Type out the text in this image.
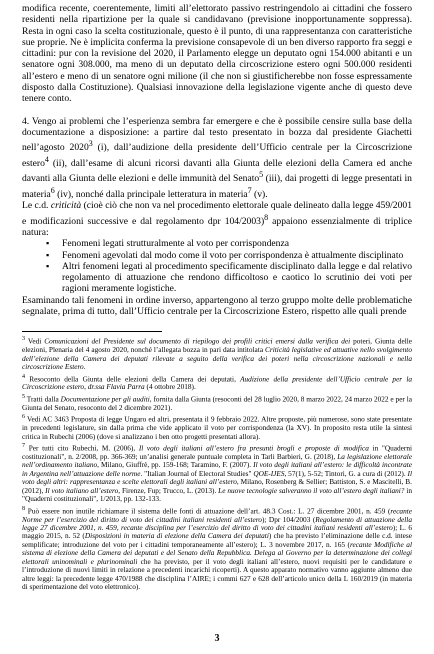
modifica recente, coerentemente, limiti all’elettorato passivo restringendolo ai cittadini che fossero residenti nella ripartizione per la quale si candidavano (previsione inopportunamente soppressa). Resta in ogni caso la scelta costituzionale, questo è il punto, di una rappresentanza con caratteristiche sue proprie. Ne è implicita conferma la previsione consapevole di un ben diverso rapporto fra seggi e cittadini: pur con la revisione del 2020, il Parlamento elegge un deputato ogni 154.000 abitanti e un senatore ogni 308.000, ma meno di un deputato della circoscrizione estero ogni 500.000 residenti all’estero e meno di un senatore ogni milione (il che non si giustificherebbe non fosse espressamente disposto dalla Costituzione). Qualsiasi innovazione della legislazione vigente anche di questo deve tenere conto.

4. Vengo ai problemi che l’esperienza sembra far emergere e che è possibile censire sulla base della documentazione a disposizione: a partire dal testo presentato in bozza dal presidente Giachetti nell’agosto 2020$^3$ (i), dall’audizione della presidente dell’Ufficio centrale per la Circoscrizione estero$^4$ (ii), dall’esame di alcuni ricorsi davanti alla Giunta delle elezioni della Camera ed anche davanti alla Giunta delle elezioni e delle immunità del Senato$^5$ (iii), dai progetti di legge presentati in materia$^6$ (iv), nonché dalla principale letteratura in materia$^7$ (v).

Le c.d. criticità (cioè ciò che non va nel procedimento elettorale quale delineato dalla legge 459/2001 e modificazioni successive e dal regolamento dpr 104/2003)$^8$ appaiono essenzialmente di triplice natura:

▪ Fenomeni legati strutturalmente al voto per corrispondenza
▪ Fenomeni agevolati dal modo come il voto per corrispondenza è attualmente disciplinato
▪ Altri fenomeni legati al procedimento specificamente disciplinato dalla legge e dal relativo regolamento di attuazione che rendono difficoltoso e caotico lo scrutinio dei voti per ragioni meramente logistiche.

Esaminando tali fenomeni in ordine inverso, appartengono al terzo gruppo molte delle problematiche segnalate, prima di tutto, dall’Ufficio centrale per la Circoscrizione Estero, rispetto alle quali prende

$^3$ Vedi Comunicazioni del Presidente sul documento di riepilogo dei profili critici emersi dalla verifica dei poteri, Giunta delle elezioni, Plenaria del 4 agosto 2020, nonché l’allegata bozza in pari data intitolata Criticità legislative ed attuative nello svolgimento dell’elezione della Camera dei deputati rilevate a seguito della verifica dei poteri nella circoscrizione nazionali e nella circoscrizione Estero.

$^4$ Resoconto della Giunta delle elezioni della Camera dei deputati, Audizione della presidente dell’Ufficio centrale per la Circoscrizione estero, dr.ssa Flavia Parra (4 ottobre 2018).

$^5$ Tratti dalla Documentazione per gli auditi, fornita dalla Giunta (resoconti del 28 luglio 2020, 8 marzo 2022, 24 marzo 2022 e per la Giunta del Senato, resoconto del 2 dicembre 2021).

$^6$ Vedi AC 3463 Proposta di legge Ungaro ed altri, presentata il 9 febbraio 2022. Altre proposte, più numerose, sono state presentate in precedenti legislature, sin dalla prima che vide applicato il voto per corrispondenza (la XV). In proposito resta utile la sintesi critica in Rubechi (2006) (dove si analizzano i ben otto progetti presentati allora).

$^7$ Per tutti cito Rubechi, M. (2006), Il voto degli italiani all’estero fra presunti brogli e proposte di modifica in "Quaderni costituzionali", n. 2/2008, pp. 366-369; un’analisi generale puntuale completa in Tarli Barbieri, G. (2018), La legislazione elettorale nell’ordinamento italiano, Milano, Giuffrè, pp. 159-168; Taramino, F. (2007). Il voto degli italiani all’estero: le difficoltà incontrate in Argentina nell’attuazione delle norme. "Italian Journal of Electoral Studies" QOE-IJES, 57(1), 5-52; Tintori, G. a cura di (2012). Il voto degli altri: rappresentanza e scelte elettorali degli italiani all’estero, Milano, Rosenberg & Sellier; Battiston, S. e Mascitelli, B. (2012), Il voto italiano all’estero, Firenze, Fup; Trucco, L. (2013). Le nuove tecnologie salveranno il voto all’estero degli italiani? in "Quaderni costituzionali", 1/2013, pp. 132-133.

$^8$ Può essere non inutile richiamare il sistema delle fonti di attuazione dell’art. 48.3 Cost.: L. 27 dicembre 2001, n. 459 (recante Norme per l’esercizio del diritto di voto dei cittadini italiani residenti all’estero); Dpr 104/2003 (Regolamento di attuazione della legge 27 dicembre 2001, n. 459, recante disciplina per l’esercizio del diritto di voto dei cittadini italiani residenti all’estero); L. 6 maggio 2015, n. 52 (Disposizioni in materia di elezione della Camera dei deputati) che ha previsto l’eliminazione delle c.d. intese semplificate; introduzione del voto per i cittadini temporaneamente all’estero); L. 3 novembre 2017, n. 165 (recante Modifiche al sistema di elezione della Camera dei deputati e del Senato della Repubblica. Delega al Governo per la determinazione dei collegi elettorali uninominali e plurinominali che ha previsto, per il voto degli italiani all’estero, nuovi requisiti per le candidature e l’introduzione di nuovi limiti in relazione a precedenti incarichi ricoperti). A questo apparato normativo vanno aggiunte almeno due altre leggi: la precedente legge 470/1988 che disciplina l’AIRE; i commi 627 e 628 dell’articolo unico della L 160/2019 (in materia di sperimentazione del voto elettronico).

3
